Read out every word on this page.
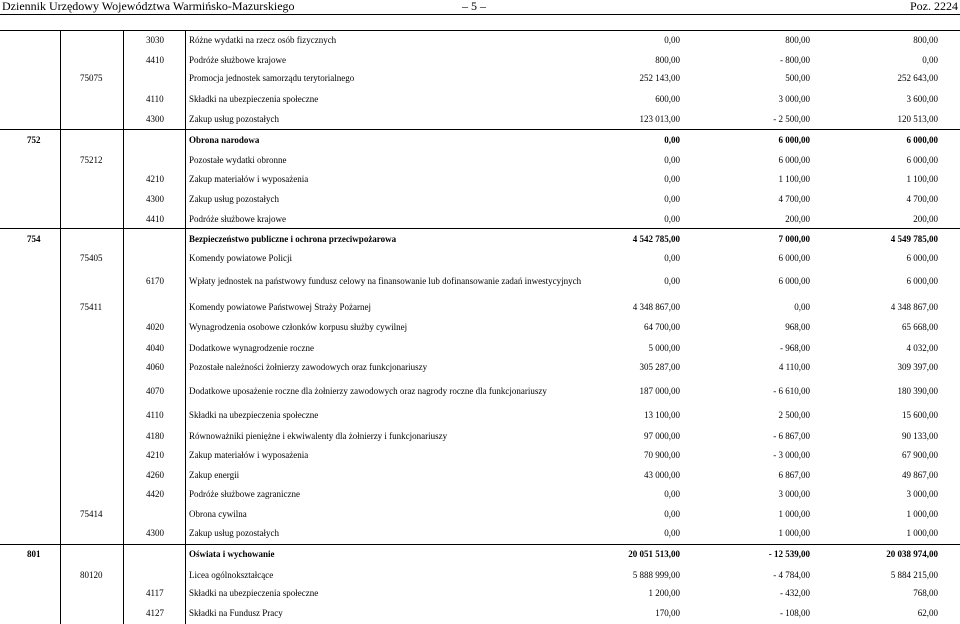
Dziennik Urzędowy Województwa Warmińsko-Mazurskiego	– 5 –	Poz. 2224
3030	Różne wydatki na rzecz osób fizycznych	0,00	800,00	800,00
4410	Podróże służbowe krajowe	800,00	- 800,00	0,00
75075	Promocja jednostek samorządu terytorialnego	252 143,00	500,00	252 643,00
4110	Składki na ubezpieczenia społeczne	600,00	3 000,00	3 600,00
4300	Zakup usług pozostałych	123 013,00	- 2 500,00	120 513,00
752	Obrona narodowa	0,00	6 000,00	6 000,00
75212	Pozostałe wydatki obronne	0,00	6 000,00	6 000,00
4210	Zakup materiałów i wyposażenia	0,00	1 100,00	1 100,00
4300	Zakup usług pozostałych	0,00	4 700,00	4 700,00
4410	Podróże służbowe krajowe	0,00	200,00	200,00
754	Bezpieczeństwo publiczne i ochrona przeciwpożarowa	4 542 785,00	7 000,00	4 549 785,00
75405	Komendy powiatowe Policji	0,00	6 000,00	6 000,00
6170	Wpłaty jednostek na państwowy fundusz celowy na finansowanie lub dofinansowanie zadań inwestycyjnych	0,00	6 000,00	6 000,00
75411	Komendy powiatowe Państwowej Straży Pożarnej	4 348 867,00	0,00	4 348 867,00
4020	Wynagrodzenia osobowe członków korpusu służby cywilnej	64 700,00	968,00	65 668,00
4040	Dodatkowe wynagrodzenie roczne	5 000,00	- 968,00	4 032,00
4060	Pozostałe należności żołnierzy zawodowych oraz funkcjonariuszy	305 287,00	4 110,00	309 397,00
4070	Dodatkowe uposażenie roczne dla żołnierzy zawodowych oraz nagrody roczne dla funkcjonariuszy	187 000,00	- 6 610,00	180 390,00
4110	Składki na ubezpieczenia społeczne	13 100,00	2 500,00	15 600,00
4180	Równoważniki pieniężne i ekwiwalenty dla żołnierzy i funkcjonariuszy	97 000,00	- 6 867,00	90 133,00
4210	Zakup materiałów i wyposażenia	70 900,00	- 3 000,00	67 900,00
4260	Zakup energii	43 000,00	6 867,00	49 867,00
4420	Podróże służbowe zagraniczne	0,00	3 000,00	3 000,00
75414	Obrona cywilna	0,00	1 000,00	1 000,00
4300	Zakup usług pozostałych	0,00	1 000,00	1 000,00
801	Oświata i wychowanie	20 051 513,00	- 12 539,00	20 038 974,00
80120	Licea ogólnokształcące	5 888 999,00	- 4 784,00	5 884 215,00
4117	Składki na ubezpieczenia społeczne	1 200,00	- 432,00	768,00
4127	Składki na Fundusz Pracy	170,00	- 108,00	62,00
